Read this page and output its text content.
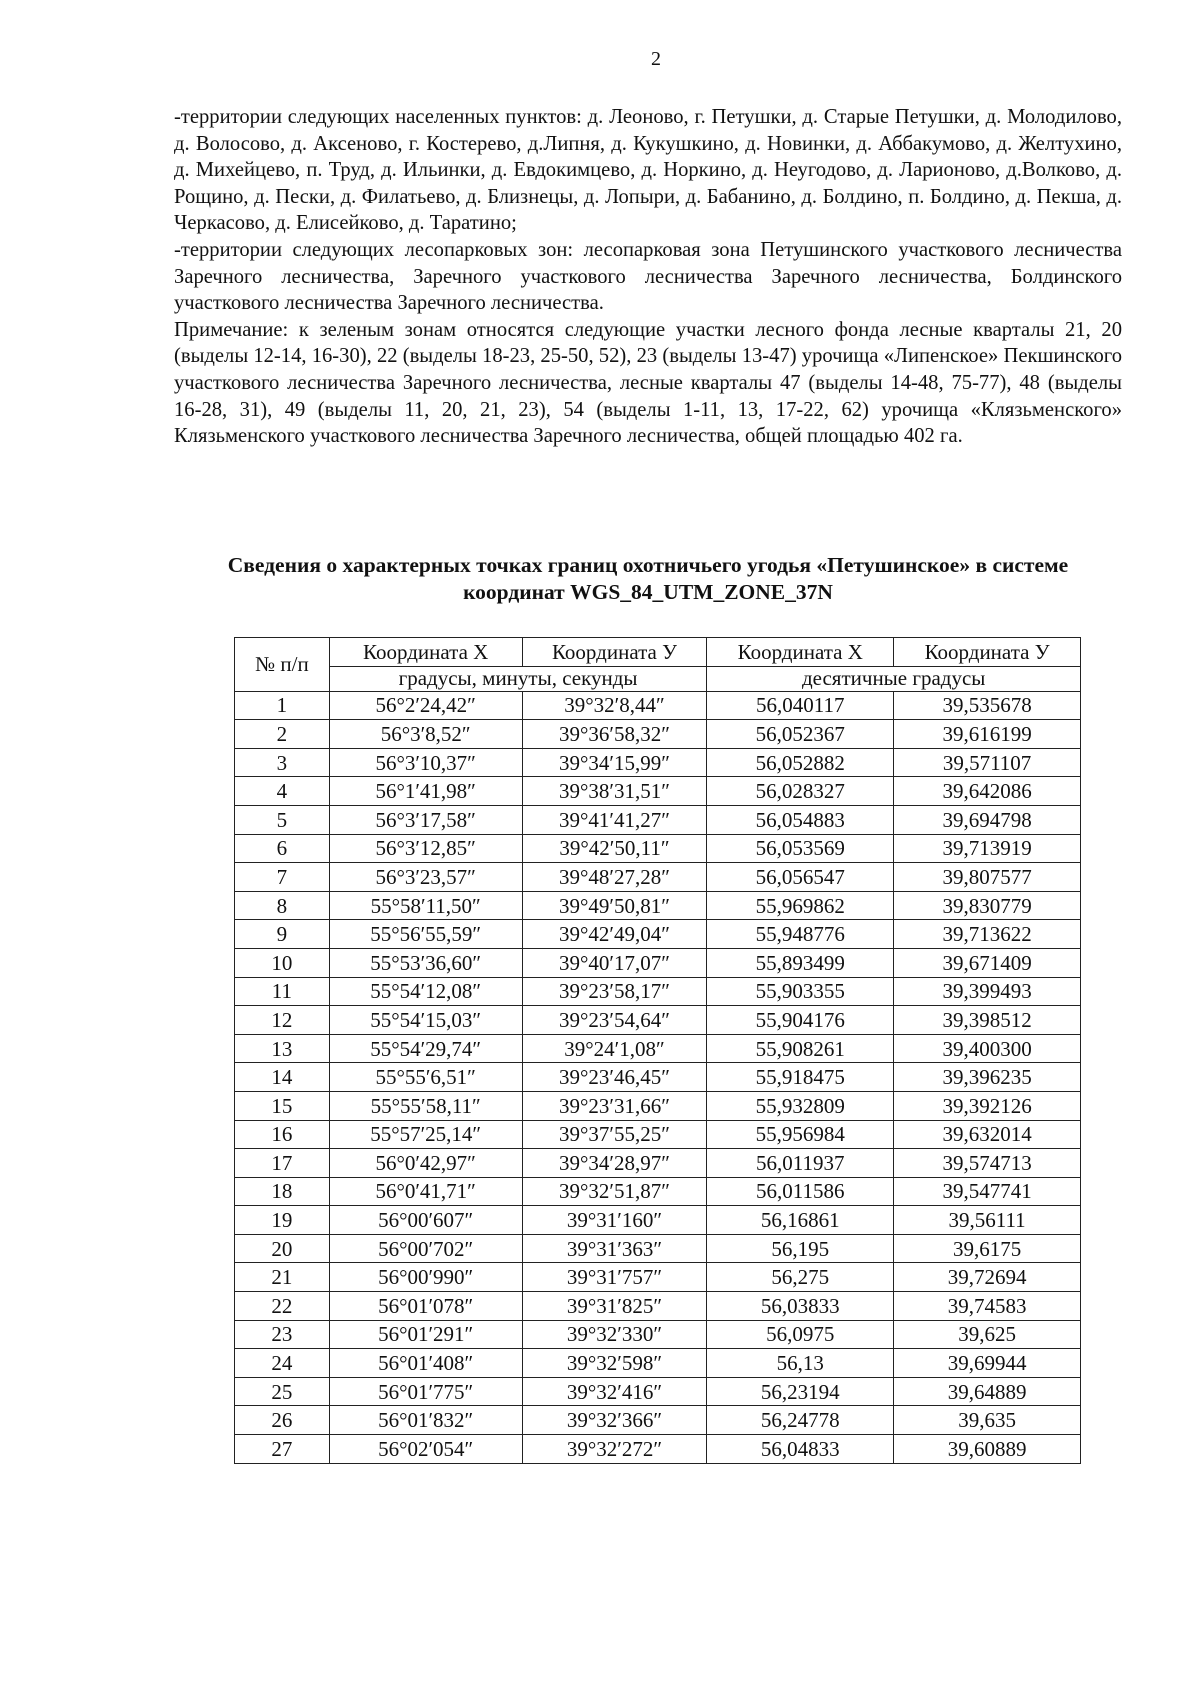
2

-территории следующих населенных пунктов: д. Леоново, г. Петушки, д. Старые Петушки, д. Молодилово, д. Волосово, д. Аксеново, г. Костерево, д.Липня, д. Кукушкино, д. Новинки, д. Аббакумово, д. Желтухино, д. Михейцево, п. Труд, д. Ильинки, д. Евдокимцево, д. Норкино, д. Неугодово, д. Ларионово, д.Волково, д. Рощино, д. Пески, д. Филатьево, д. Близнецы, д. Лопыри, д. Бабанино, д. Болдино, п. Болдино, д. Пекша, д. Черкасово, д. Елисейково, д. Таратино;

-территории следующих лесопарковых зон: лесопарковая зона Петушинского участкового лесничества Заречного лесничества, Заречного участкового лесничества Заречного лесничества, Болдинского участкового лесничества Заречного лесничества.

Примечание: к зеленым зонам относятся следующие участки лесного фонда лесные кварталы 21, 20 (выделы 12-14, 16-30), 22 (выделы 18-23, 25-50, 52), 23 (выделы 13-47) урочища «Липенское» Пекшинского участкового лесничества Заречного лесничества, лесные кварталы 47 (выделы 14-48, 75-77), 48 (выделы 16-28, 31), 49 (выделы 11, 20, 21, 23), 54 (выделы 1-11, 13, 17-22, 62) урочища «Клязьменского» Клязьменского участкового лесничества Заречного лесничества, общей площадью 402 га.

Сведения о характерных точках границ охотничьего угодья «Петушинское» в системе
координат WGS_84_UTM_ZONE_37N
№ п/п	Координата X	Координата У	Координата X	Координата У
	градусы, минуты, секунды		десятичные градусы	
1	56°2′24,42″	39°32′8,44″	56,040117	39,535678
2	56°3′8,52″	39°36′58,32″	56,052367	39,616199
3	56°3′10,37″	39°34′15,99″	56,052882	39,571107
4	56°1′41,98″	39°38′31,51″	56,028327	39,642086
5	56°3′17,58″	39°41′41,27″	56,054883	39,694798
6	56°3′12,85″	39°42′50,11″	56,053569	39,713919
7	56°3′23,57″	39°48′27,28″	56,056547	39,807577
8	55°58′11,50″	39°49′50,81″	55,969862	39,830779
9	55°56′55,59″	39°42′49,04″	55,948776	39,713622
10	55°53′36,60″	39°40′17,07″	55,893499	39,671409
11	55°54′12,08″	39°23′58,17″	55,903355	39,399493
12	55°54′15,03″	39°23′54,64″	55,904176	39,398512
13	55°54′29,74″	39°24′1,08″	55,908261	39,400300
14	55°55′6,51″	39°23′46,45″	55,918475	39,396235
15	55°55′58,11″	39°23′31,66″	55,932809	39,392126
16	55°57′25,14″	39°37′55,25″	55,956984	39,632014
17	56°0′42,97″	39°34′28,97″	56,011937	39,574713
18	56°0′41,71″	39°32′51,87″	56,011586	39,547741
19	56°00′607″	39°31′160″	56,16861	39,56111
20	56°00′702″	39°31′363″	56,195	39,6175
21	56°00′990″	39°31′757″	56,275	39,72694
22	56°01′078″	39°31′825″	56,03833	39,74583
23	56°01′291″	39°32′330″	56,0975	39,625
24	56°01′408″	39°32′598″	56,13	39,69944
25	56°01′775″	39°32′416″	56,23194	39,64889
26	56°01′832″	39°32′366″	56,24778	39,635
27	56°02′054″	39°32′272″	56,04833	39,60889
